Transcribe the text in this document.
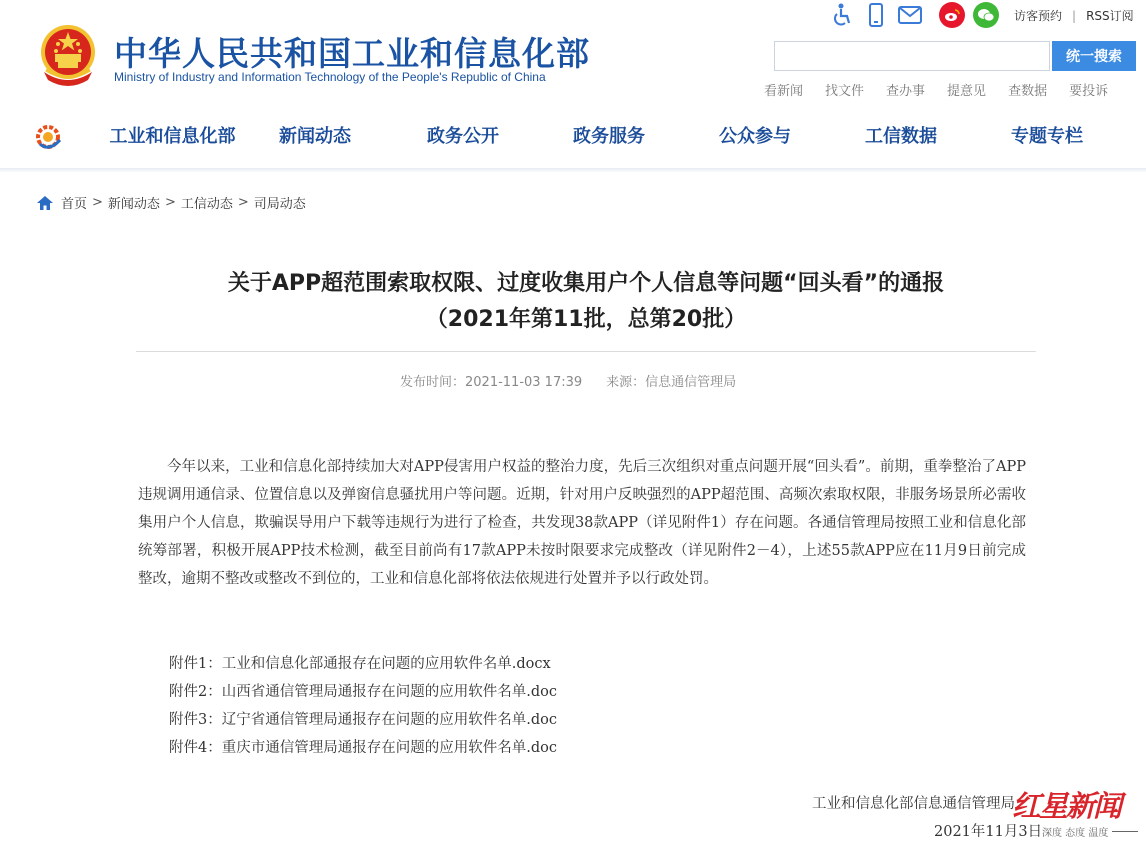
中华人民共和国工业和信息化部
Ministry of Industry and Information Technology of the People's Republic of China
访客预约 | RSS订阅
统一搜索
看新闻 找文件 查办事 提意见 查数据 要投诉
工业和信息化部	新闻动态	政务公开	政务服务	公众参与	工信数据	专题专栏
首页 > 新闻动态 > 工信动态 > 司局动态
关于APP超范围索取权限、过度收集用户个人信息等问题“回头看”的通报
（2021年第11批，总第20批）
发布时间：2021-11-03 17:39 来源：信息通信管理局
今年以来，工业和信息化部持续加大对APP侵害用户权益的整治力度，先后三次组织对重点问题开展“回头看”。前期，重拳整治了APP违规调用通信录、位置信息以及弹窗信息骚扰用户等问题。近期，针对用户反映强烈的APP超范围、高频次索取权限，非服务场景所必需收集用户个人信息，欺骗误导用户下载等违规行为进行了检查，共发现38款APP（详见附件1）存在问题。各通信管理局按照工业和信息化部统筹部署，积极开展APP技术检测，截至目前尚有17款APP未按时限要求完成整改（详见附件2－4），上述55款APP应在11月9日前完成整改，逾期不整改或整改不到位的，工业和信息化部将依法依规进行处置并予以行政处罚。
附件1：工业和信息化部通报存在问题的应用软件名单.docx
附件2：山西省通信管理局通报存在问题的应用软件名单.doc
附件3：辽宁省通信管理局通报存在问题的应用软件名单.doc
附件4：重庆市通信管理局通报存在问题的应用软件名单.doc
工业和信息化部信息通信管理局
2021年11月3日
红星新闻
深度 态度 温度
